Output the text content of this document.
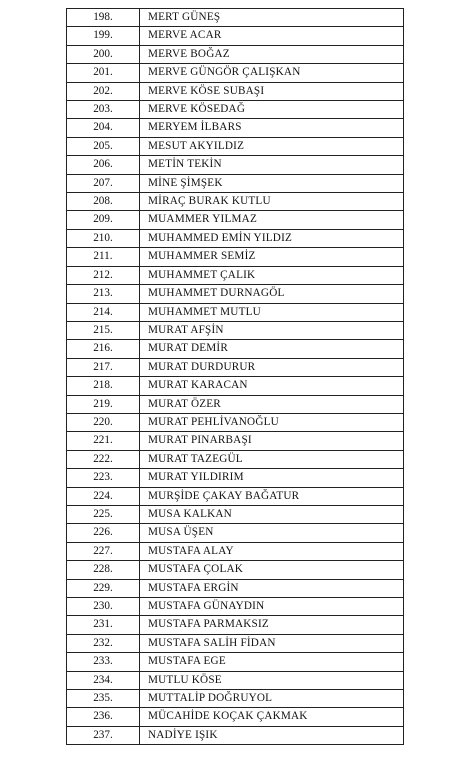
198.	MERT GÜNEŞ
199.	MERVE ACAR
200.	MERVE BOĞAZ
201.	MERVE GÜNGÖR ÇALIŞKAN
202.	MERVE KÖSE SUBAŞI
203.	MERVE KÖSEDAĞ
204.	MERYEM İLBARS
205.	MESUT AKYILDIZ
206.	METİN TEKİN
207.	MİNE ŞİMŞEK
208.	MİRAÇ BURAK KUTLU
209.	MUAMMER YILMAZ
210.	MUHAMMED EMİN YILDIZ
211.	MUHAMMER SEMİZ
212.	MUHAMMET ÇALIK
213.	MUHAMMET DURNAGÖL
214.	MUHAMMET MUTLU
215.	MURAT AFŞİN
216.	MURAT DEMİR
217.	MURAT DURDURUR
218.	MURAT KARACAN
219.	MURAT ÖZER
220.	MURAT PEHLİVANOĞLU
221.	MURAT PINARBAŞI
222.	MURAT TAZEGÜL
223.	MURAT YILDIRIM
224.	MURŞİDE ÇAKAY BAĞATUR
225.	MUSA KALKAN
226.	MUSA ÜŞEN
227.	MUSTAFA ALAY
228.	MUSTAFA ÇOLAK
229.	MUSTAFA ERGİN
230.	MUSTAFA GÜNAYDIN
231.	MUSTAFA PARMAKSIZ
232.	MUSTAFA SALİH FİDAN
233.	MUSTAFA EGE
234.	MUTLU KÖSE
235.	MUTTALİP DOĞRUYOL
236.	MÜCAHİDE KOÇAK ÇAKMAK
237.	NADİYE IŞIK
